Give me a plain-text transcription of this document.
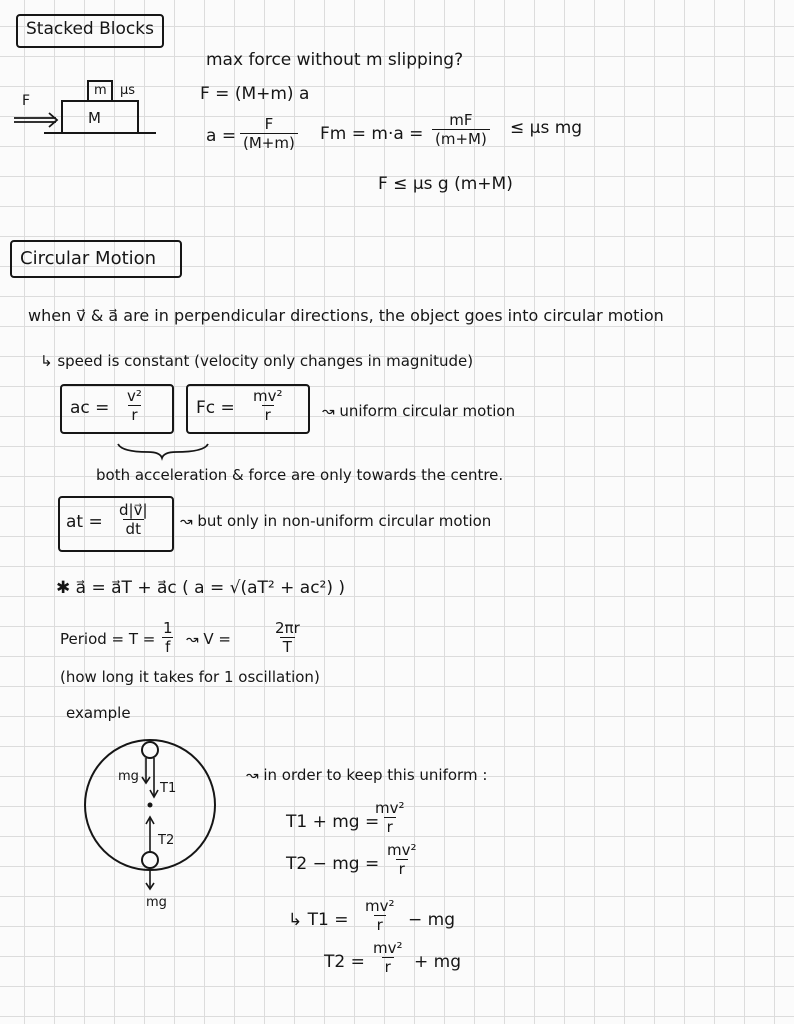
Stacked Blocks
F
m μs
M
max force without m slipping?
F = (M+m) a
$a = \frac{F}{(M+m)}$ $Fm = m\cdot a = \frac{mF}{(m+M)} \le \mu s$ mg
F ≤ μs g (m+M)
Circular Motion
when v⃗ & a⃗ are in perpendicular directions, the object goes into circular motion
↳ speed is constant (velocity only changes in magnitude)
ac = $\frac{\text{v²}}{r}$	$Fc = \frac{\text{mv²}}{r}$ ↝ uniform circular motion
both acceleration & force are only towards the centre.
at = $\frac{d|v⃗|}{dt}$ ↝ but only in non-uniform circular motion
✱ a⃗ = a⃗T + a⃗c ( a = √(aT² + ac²) )
Period = $T = \frac{1}{f}$ ↝ V =	$\frac{2\pi r}{T}$
(how long it takes for 1 oscillation)
example
mg
T1
T2
mg
↝ in order to keep this uniform :
T1 + mg =
$\frac{\text{mv²}}{r}$
T2 − mg = $\frac{\text{mv²}}{r}$
↳ $T1 = \frac{\text{mv²}}{r}$ − mg
$T2 = \frac{\text{mv²}}{r}$ + mg
